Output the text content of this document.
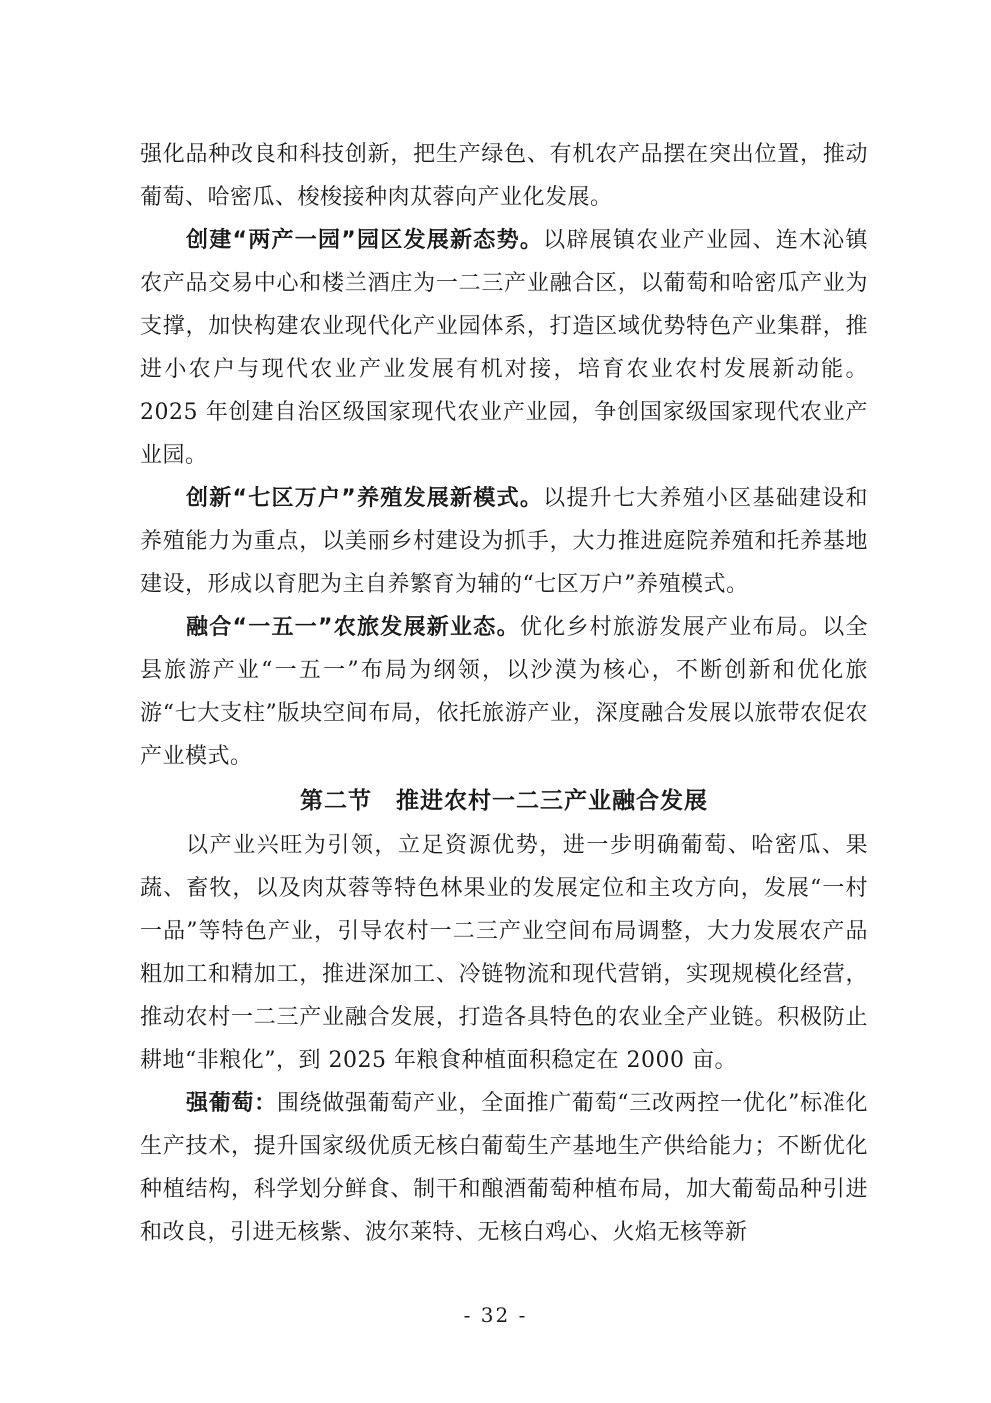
强化品种改良和科技创新，把生产绿色、有机农产品摆在突出位置，推动葡萄、哈密瓜、梭梭接种肉苁蓉向产业化发展。

创建“两产一园”园区发展新态势。以辟展镇农业产业园、连木沁镇农产品交易中心和楼兰酒庄为一二三产业融合区，以葡萄和哈密瓜产业为支撑，加快构建农业现代化产业园体系，打造区域优势特色产业集群，推进小农户与现代农业产业发展有机对接，培育农业农村发展新动能。2025 年创建自治区级国家现代农业产业园，争创国家级国家现代农业产业园。

创新“七区万户”养殖发展新模式。以提升七大养殖小区基础建设和养殖能力为重点，以美丽乡村建设为抓手，大力推进庭院养殖和托养基地建设，形成以育肥为主自养繁育为辅的“七区万户”养殖模式。

融合“一五一”农旅发展新业态。优化乡村旅游发展产业布局。以全县旅游产业“一五一”布局为纲领，以沙漠为核心，不断创新和优化旅游“七大支柱”版块空间布局，依托旅游产业，深度融合发展以旅带农促农产业模式。

第二节　推进农村一二三产业融合发展

以产业兴旺为引领，立足资源优势，进一步明确葡萄、哈密瓜、果蔬、畜牧，以及肉苁蓉等特色林果业的发展定位和主攻方向，发展“一村一品”等特色产业，引导农村一二三产业空间布局调整，大力发展农产品粗加工和精加工，推进深加工、冷链物流和现代营销，实现规模化经营，推动农村一二三产业融合发展，打造各具特色的农业全产业链。积极防止耕地“非粮化”，到 2025 年粮食种植面积稳定在 2000 亩。

强葡萄：围绕做强葡萄产业，全面推广葡萄“三改两控一优化”标准化生产技术，提升国家级优质无核白葡萄生产基地生产供给能力；不断优化种植结构，科学划分鲜食、制干和酿酒葡萄种植布局，加大葡萄品种引进和改良，引进无核紫、波尔莱特、无核白鸡心、火焰无核等新

- 32 -
